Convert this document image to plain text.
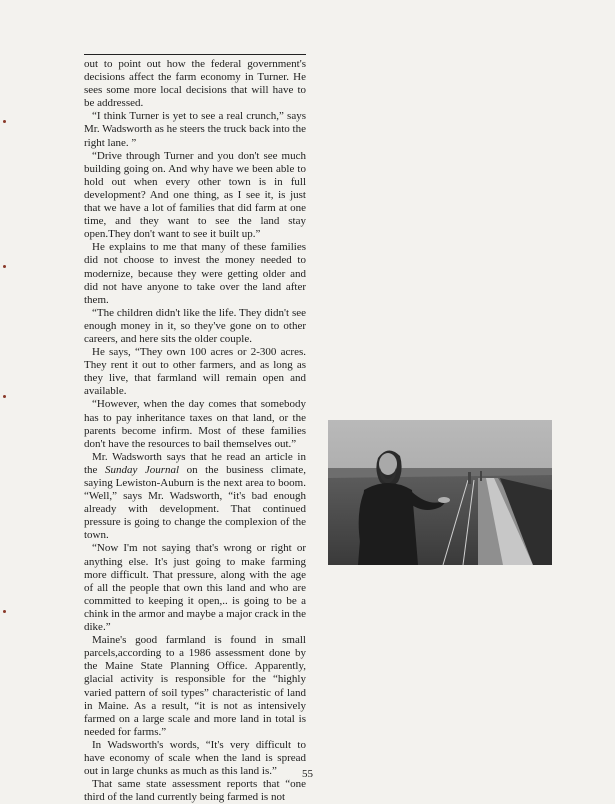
out to point out how the federal government's decisions affect the farm economy in Turner. He sees some more local decisions that will have to be addressed.

“I think Turner is yet to see a real crunch,” says Mr. Wadsworth as he steers the truck back into the right lane. ”

“Drive through Turner and you don't see much building going on. And why have we been able to hold out when every other town is in full development? And one thing, as I see it, is just that we have a lot of families that did farm at one time, and they want to see the land stay open.They don't want to see it built up.”

He explains to me that many of these families did not choose to invest the money needed to modernize, because they were getting older and did not have anyone to take over the land after them.

“The children didn't like the life. They didn't see enough money in it, so they've gone on to other careers, and here sits the older couple.

He says, “They own 100 acres or 2-300 acres. They rent it out to other farmers, and as long as they live, that farmland will remain open and available.

“However, when the day comes that somebody has to pay inheritance taxes on that land, or the parents become infirm. Most of these families don't have the resources to bail themselves out.”

Mr. Wadsworth says that he read an article in the Sunday Journal on the business climate, saying Lewiston-Auburn is the next area to boom. “Well,” says Mr. Wadsworth, “it's bad enough already with development. That continued pressure is going to change the complexion of the town.

“Now I'm not saying that's wrong or right or anything else. It's just going to make farming more difficult. That pressure, along with the age of all the people that own this land and who are committed to keeping it open,.. is going to be a chink in the armor and maybe a major crack in the dike.”

Maine's good farmland is found in small parcels,according to a 1986 assessment done by the Maine State Planning Office. Apparently, glacial activity is responsible for the “highly varied pattern of soil types” characteristic of land in Maine. As a result, “it is not as intensively farmed on a large scale and more land in total is needed for farms.”

In Wadsworth's words, “It's very difficult to have economy of scale when the land is spread out in large chunks as much as this land is.”

That same state assessment reports that “one third of the land currently being farmed is not

55
